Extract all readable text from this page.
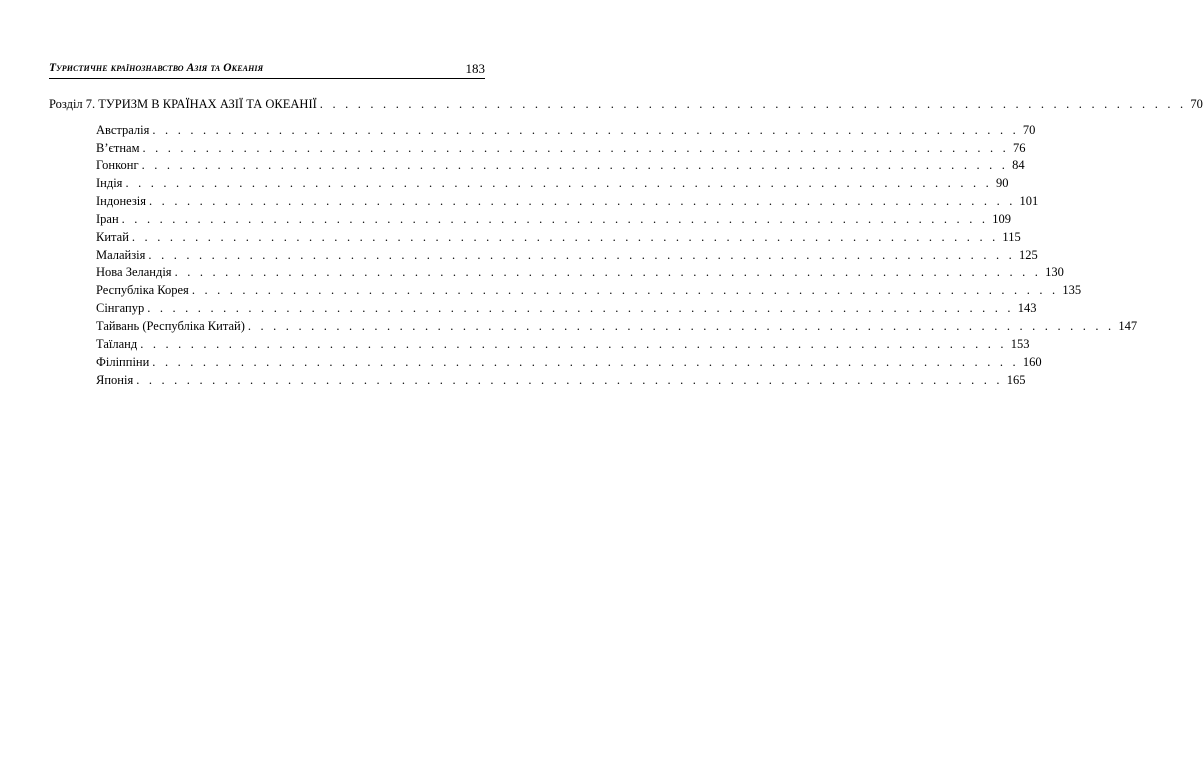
Туристичне країнознавство Азія та Океанія	183
Розділ 7. ТУРИЗМ В КРАЇНАХ АЗІЇ ТА ОКЕАНІЇ . . . . . . . . . . . . . . . . . . . . . . . . . . . . . . . . . . . . . . . . . . . . . . . . . . . . . . . . . . . . . . . . . . . . . 70
Австралія . . . . . . . . . . . . . . . . . . . . . . . . . . . . . . . . . . . . . . . . . . . . . . . . . . . . . . . . . . . . . . . . . . . . . 70
В’єтнам . . . . . . . . . . . . . . . . . . . . . . . . . . . . . . . . . . . . . . . . . . . . . . . . . . . . . . . . . . . . . . . . . . . . . 76
Гонконг . . . . . . . . . . . . . . . . . . . . . . . . . . . . . . . . . . . . . . . . . . . . . . . . . . . . . . . . . . . . . . . . . . . . . 84
Індія . . . . . . . . . . . . . . . . . . . . . . . . . . . . . . . . . . . . . . . . . . . . . . . . . . . . . . . . . . . . . . . . . . . . . 90
Індонезія . . . . . . . . . . . . . . . . . . . . . . . . . . . . . . . . . . . . . . . . . . . . . . . . . . . . . . . . . . . . . . . . . . . . . 101
Іран . . . . . . . . . . . . . . . . . . . . . . . . . . . . . . . . . . . . . . . . . . . . . . . . . . . . . . . . . . . . . . . . . . . . . 109
Китай . . . . . . . . . . . . . . . . . . . . . . . . . . . . . . . . . . . . . . . . . . . . . . . . . . . . . . . . . . . . . . . . . . . . . 115
Малайзія . . . . . . . . . . . . . . . . . . . . . . . . . . . . . . . . . . . . . . . . . . . . . . . . . . . . . . . . . . . . . . . . . . . . . 125
Нова Зеландія . . . . . . . . . . . . . . . . . . . . . . . . . . . . . . . . . . . . . . . . . . . . . . . . . . . . . . . . . . . . . . . . . . . . . 130
Республіка Корея . . . . . . . . . . . . . . . . . . . . . . . . . . . . . . . . . . . . . . . . . . . . . . . . . . . . . . . . . . . . . . . . . . . . . 135
Сінгапур . . . . . . . . . . . . . . . . . . . . . . . . . . . . . . . . . . . . . . . . . . . . . . . . . . . . . . . . . . . . . . . . . . . . . 143
Тайвань (Республіка Китай) . . . . . . . . . . . . . . . . . . . . . . . . . . . . . . . . . . . . . . . . . . . . . . . . . . . . . . . . . . . . . . . . . . . . . 147
Таїланд . . . . . . . . . . . . . . . . . . . . . . . . . . . . . . . . . . . . . . . . . . . . . . . . . . . . . . . . . . . . . . . . . . . . . 153
Філіппіни . . . . . . . . . . . . . . . . . . . . . . . . . . . . . . . . . . . . . . . . . . . . . . . . . . . . . . . . . . . . . . . . . . . . . 160
Японія . . . . . . . . . . . . . . . . . . . . . . . . . . . . . . . . . . . . . . . . . . . . . . . . . . . . . . . . . . . . . . . . . . . . . 165
